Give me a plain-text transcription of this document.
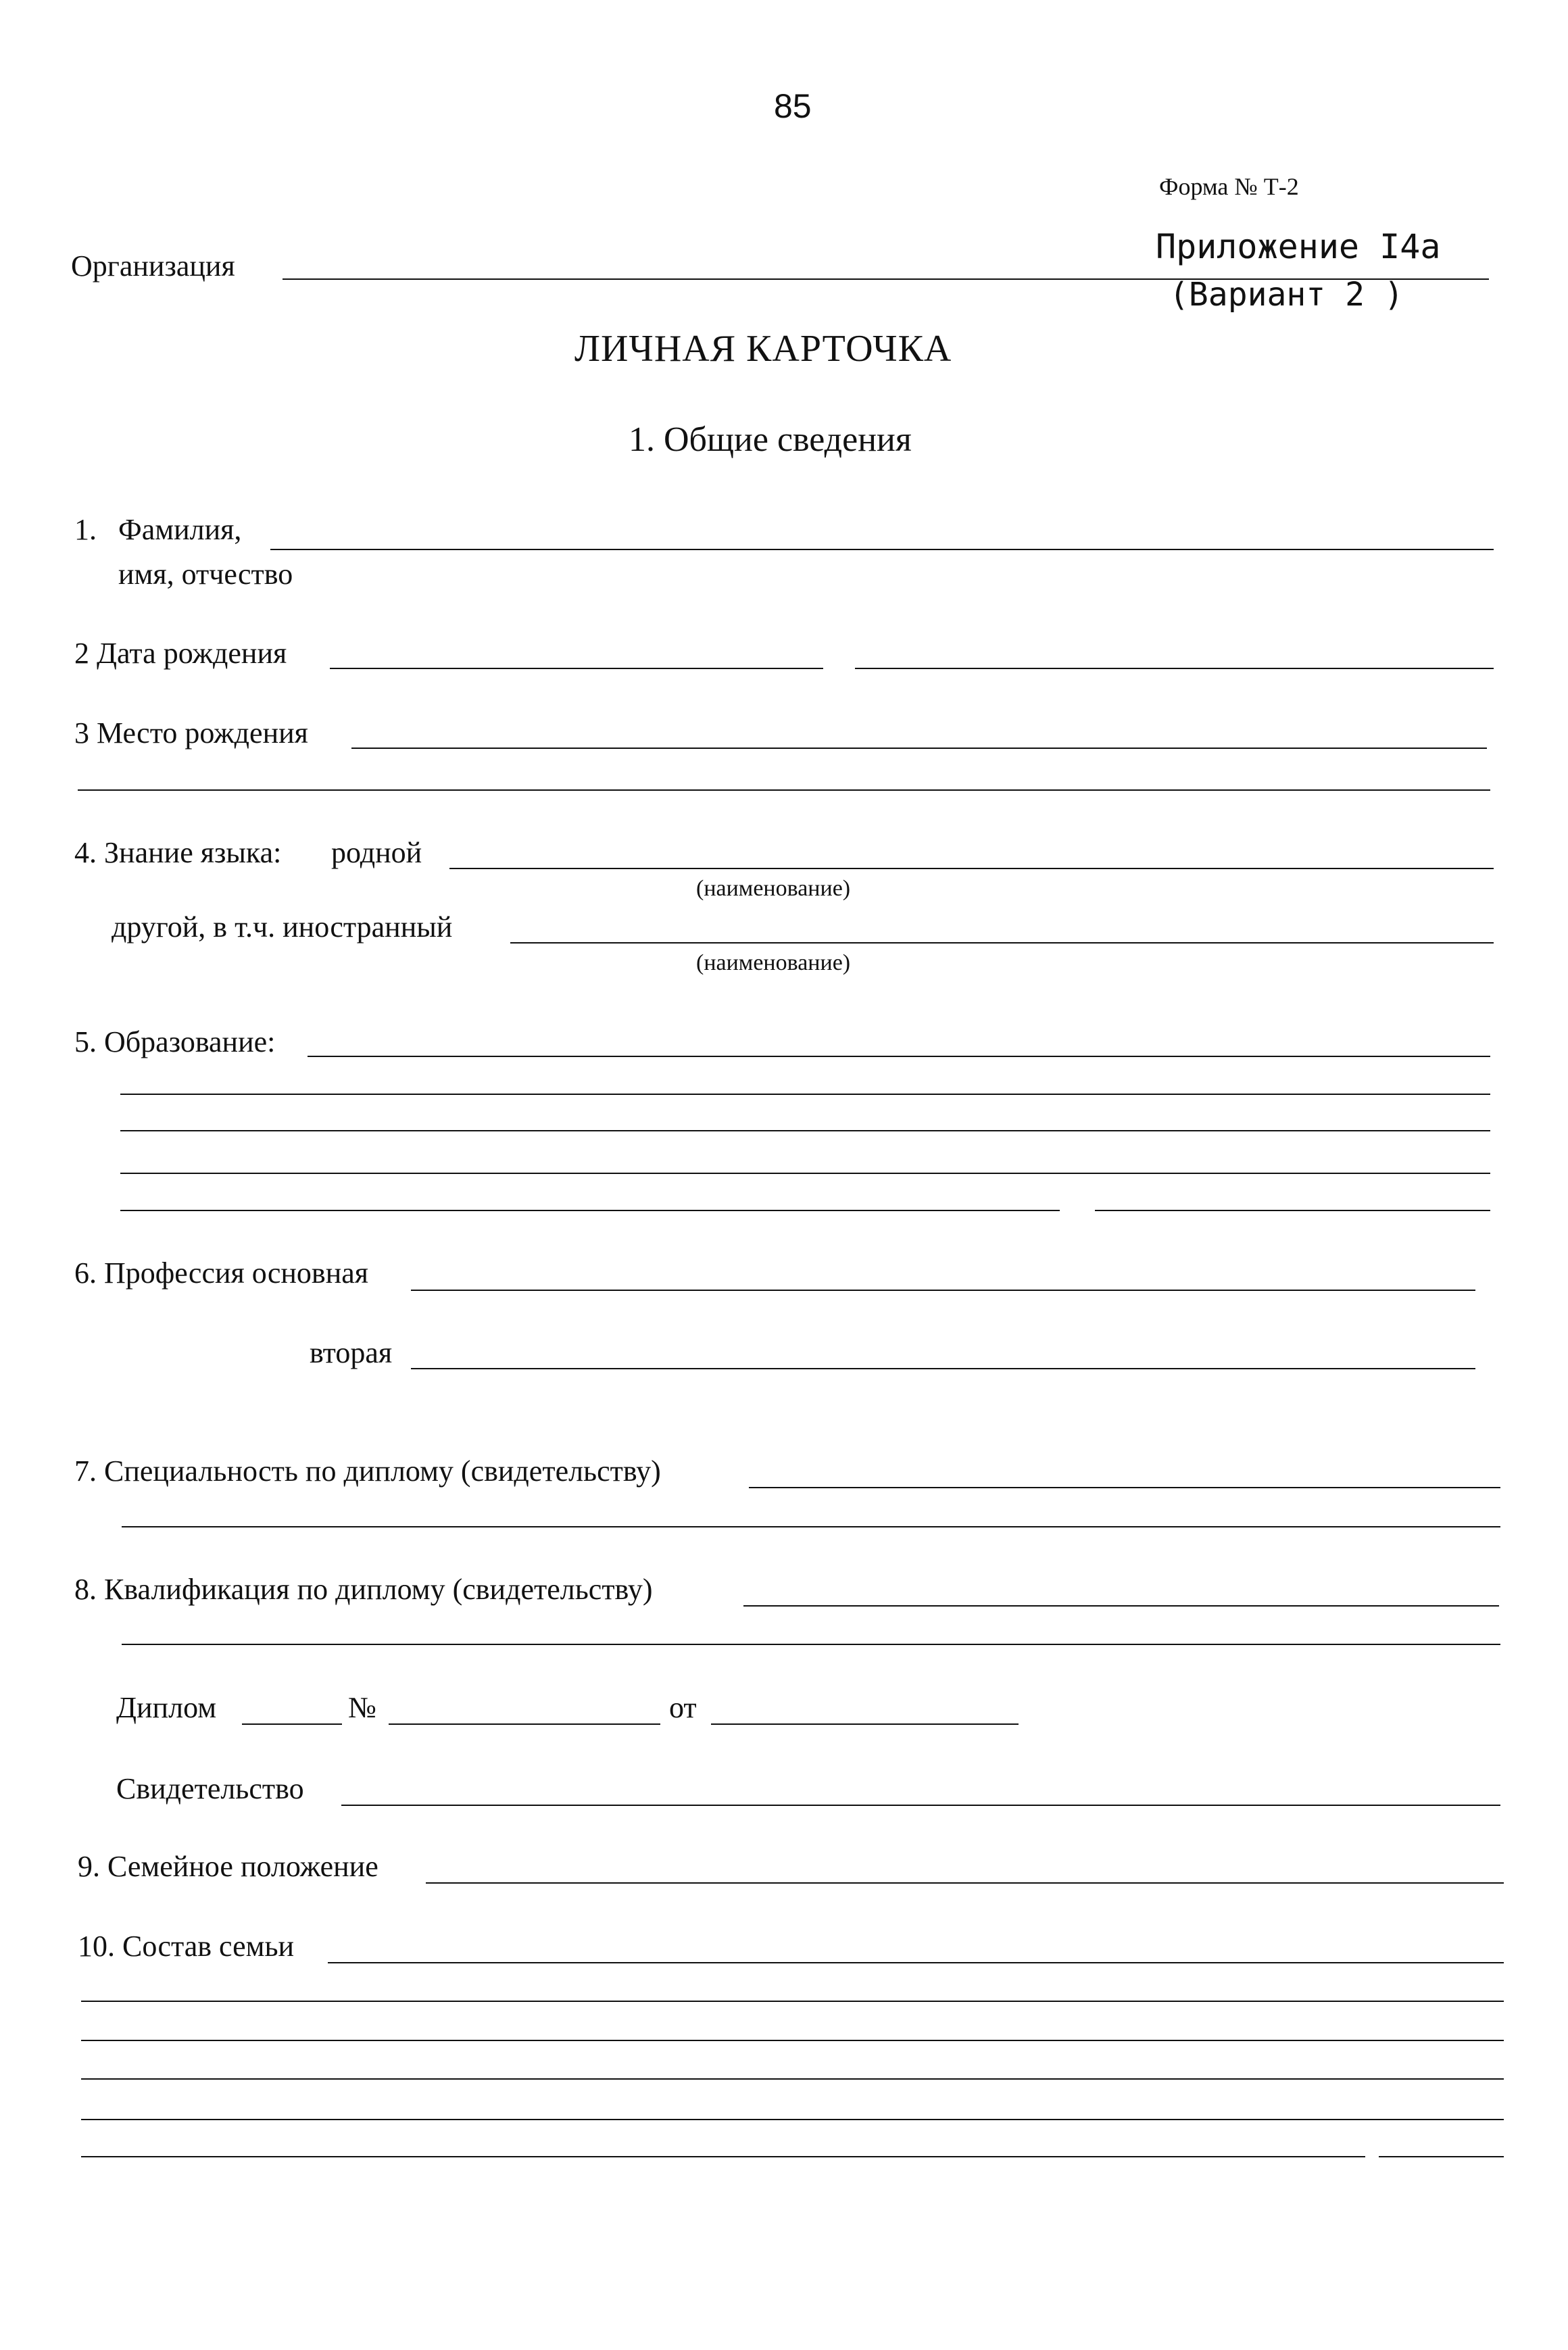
85
Форма № Т-2
Приложение I4а
(Вариант 2 )
Организация
ЛИЧНАЯ КАРТОЧКА
1. Общие сведения
1. Фамилия,
имя, отчество
2 Дата рождения
3 Место рождения
4. Знание языка: родной
(наименование)
другой, в т.ч. иностранный
(наименование)
5. Образование:
6. Профессия основная
вторая
7. Специальность по диплому (свидетельству)
8. Квалификация по диплому (свидетельству)
Диплом	№	от
Свидетельство
9. Семейное положение
10. Состав семьи
